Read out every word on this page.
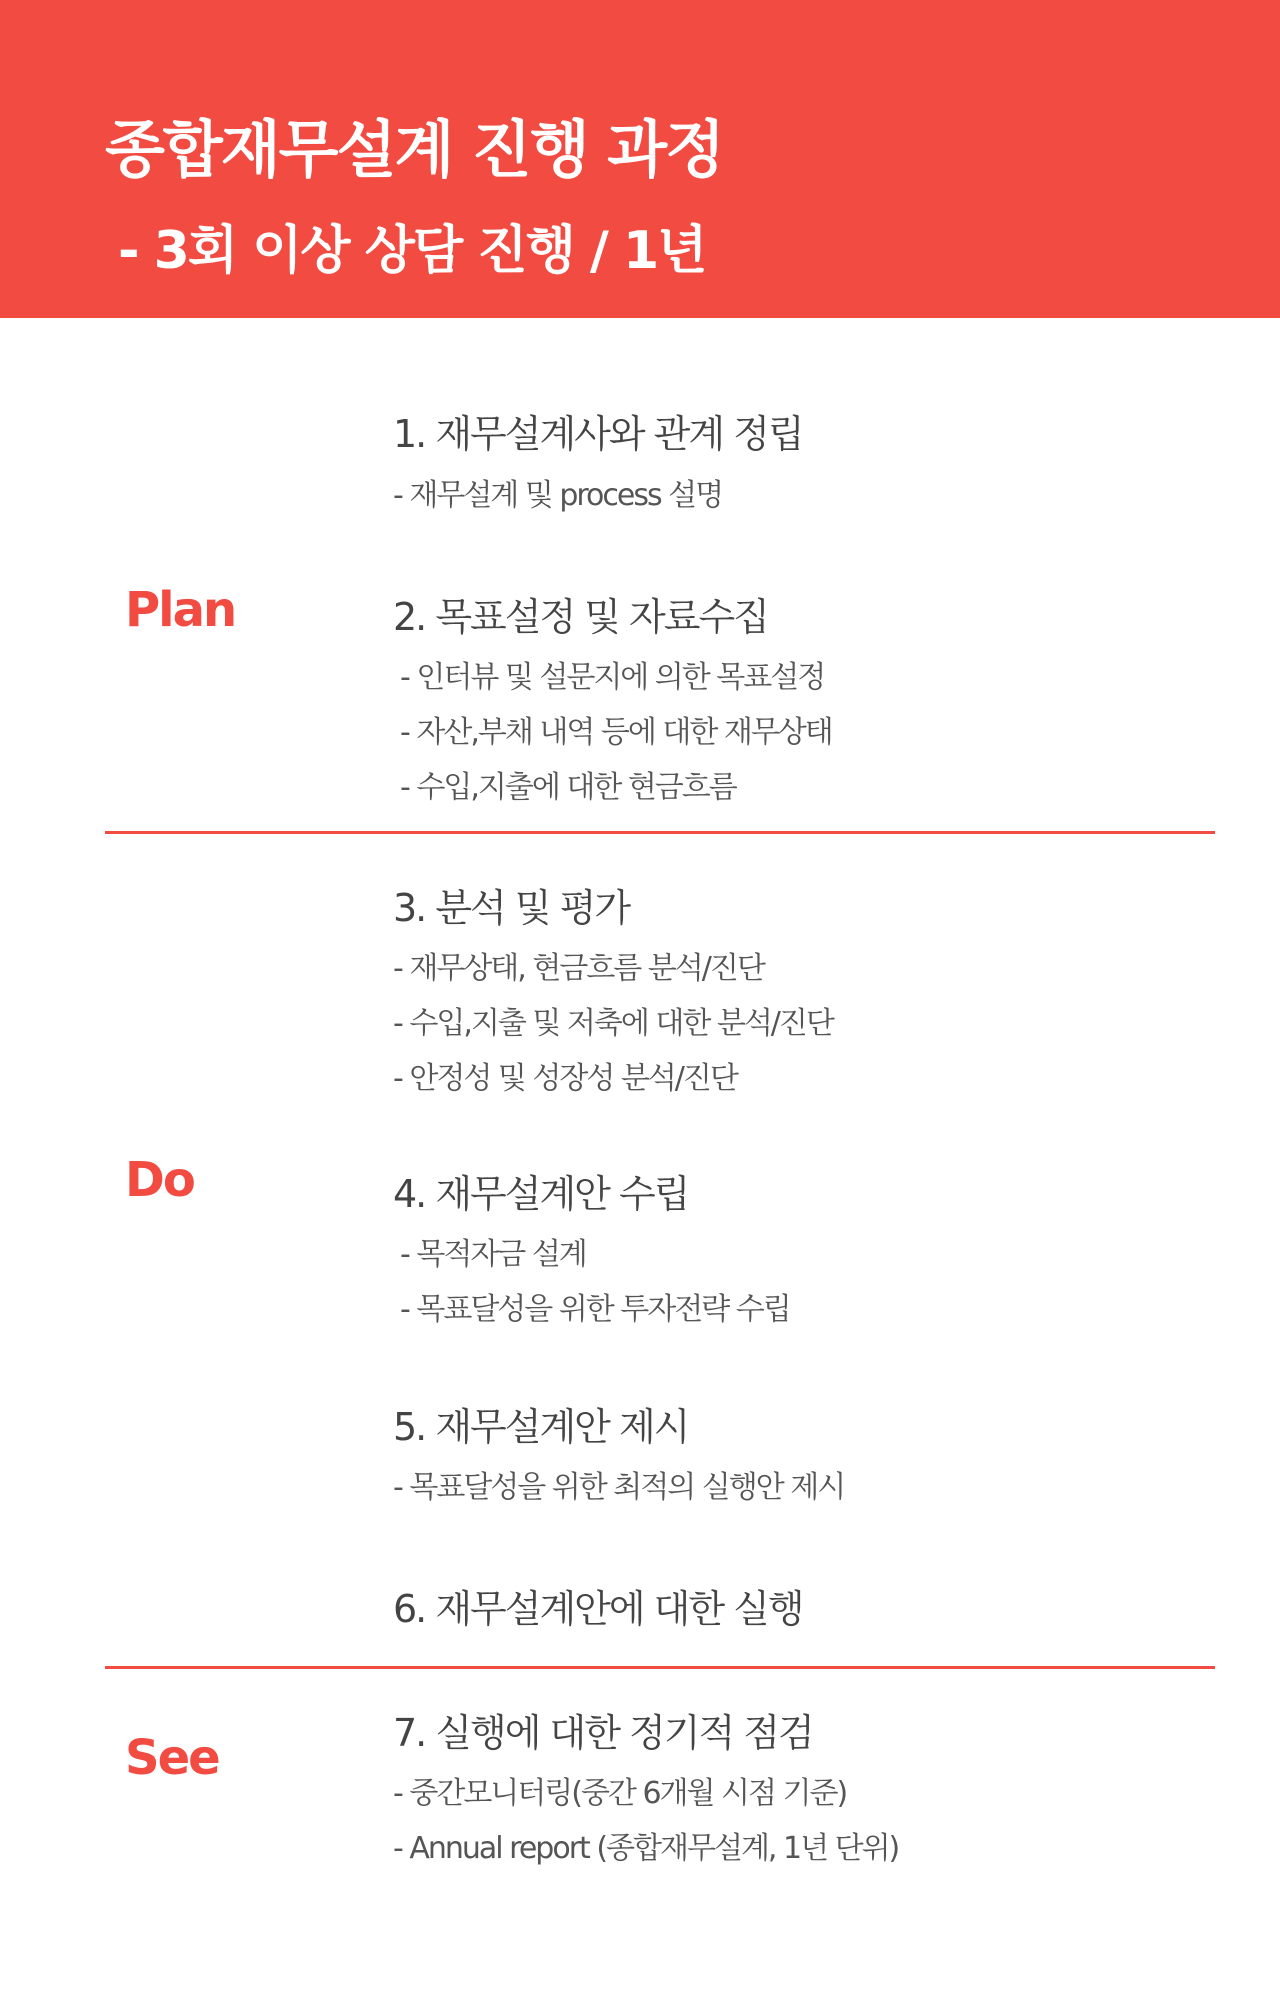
종합재무설계 진행 과정
- 3회 이상 상담 진행 / 1년
Plan
Do
See
1. 재무설계사와 관계 정립
- 재무설계 및 process 설명
2. 목표설정 및 자료수집
- 인터뷰 및 설문지에 의한 목표설정
- 자산,부채 내역 등에 대한 재무상태
- 수입,지출에 대한 현금흐름
3. 분석 및 평가
- 재무상태, 현금흐름 분석/진단
- 수입,지출 및 저축에 대한 분석/진단
- 안정성 및 성장성 분석/진단
4. 재무설계안 수립
- 목적자금 설계
- 목표달성을 위한 투자전략 수립
5. 재무설계안 제시
- 목표달성을 위한 최적의 실행안 제시
6. 재무설계안에 대한 실행
7. 실행에 대한 정기적 점검
- 중간모니터링(중간 6개월 시점 기준)
- Annual report (종합재무설계, 1년 단위)
